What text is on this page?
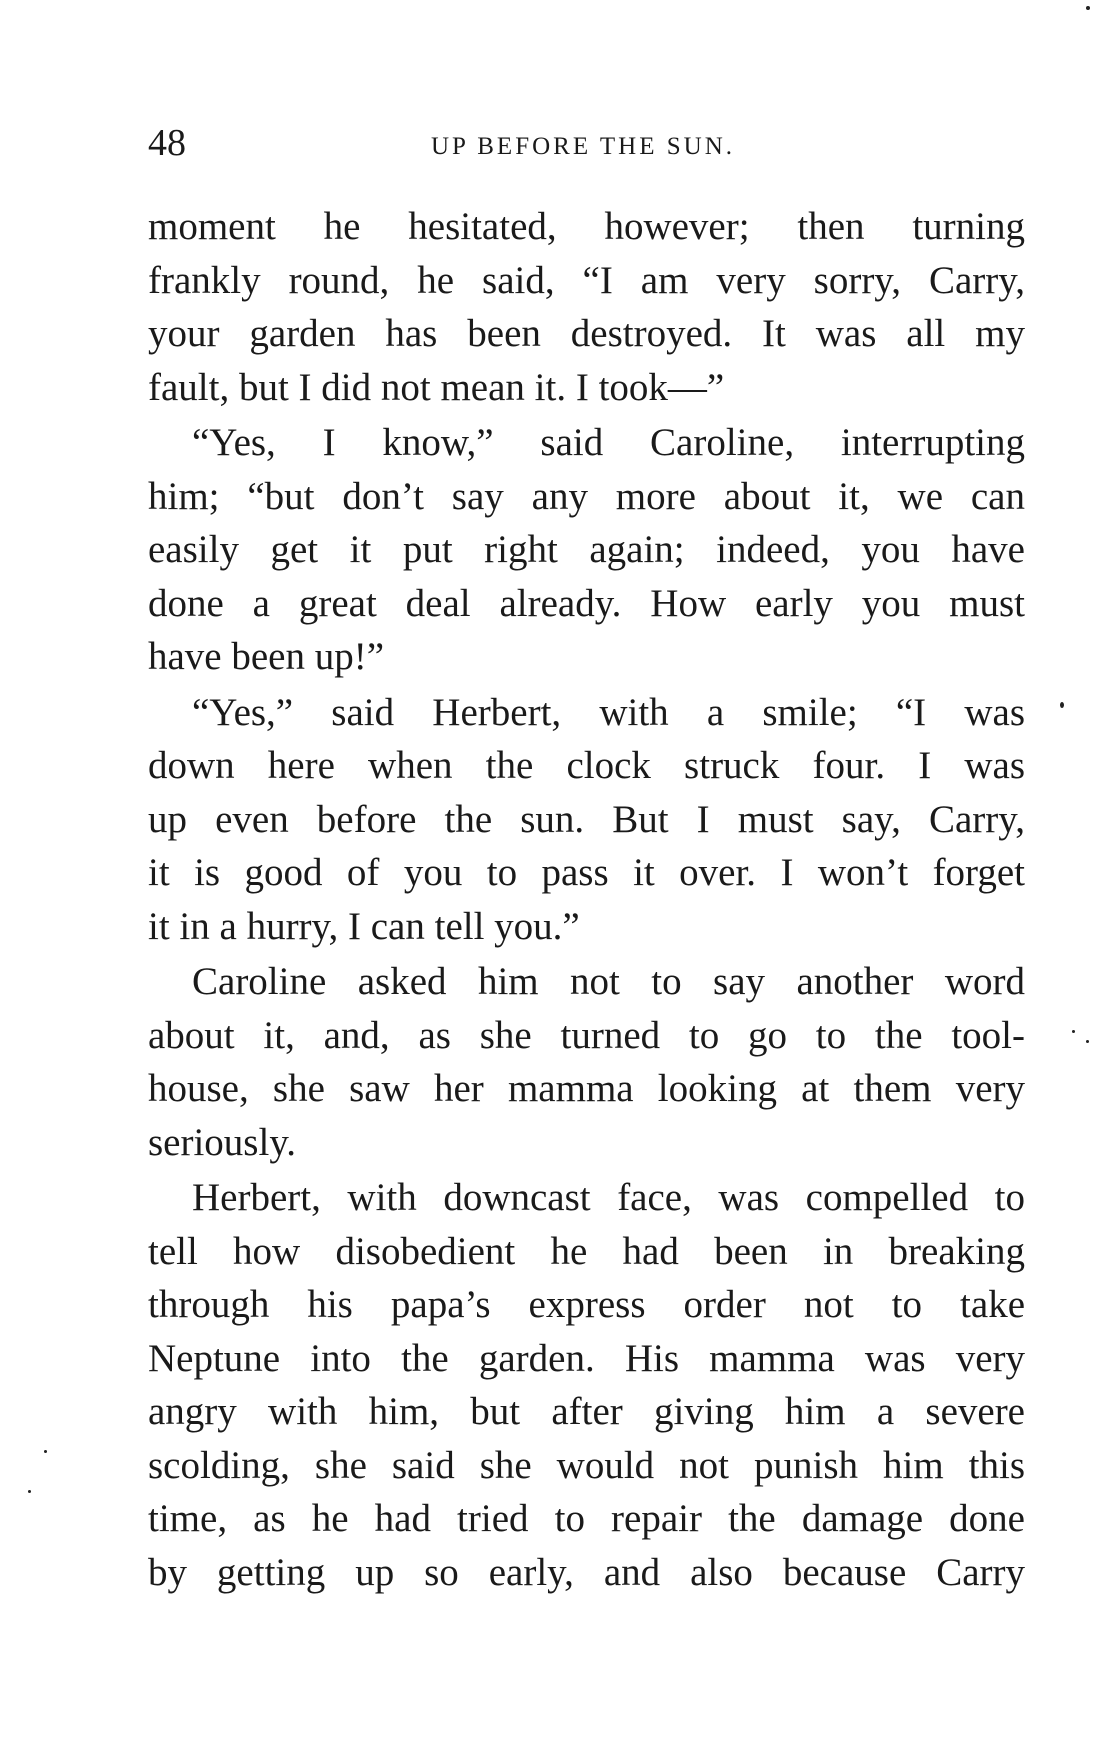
48	UP BEFORE THE SUN.
moment he hesitated, however; then turning
frankly round, he said, “I am very sorry, Carry,
your garden has been destroyed. It was all my
fault, but I did not mean it. I took—”
“Yes, I know,” said Caroline, interrupting
him; “but don’t say any more about it, we can
easily get it put right again; indeed, you have
done a great deal already. How early you must
have been up!”
“Yes,” said Herbert, with a smile; “I was
down here when the clock struck four. I was
up even before the sun. But I must say, Carry,
it is good of you to pass it over. I won’t forget
it in a hurry, I can tell you.”
Caroline asked him not to say another word
about it, and, as she turned to go to the tool-
house, she saw her mamma looking at them very
seriously.
Herbert, with downcast face, was compelled to
tell how disobedient he had been in breaking
through his papa’s express order not to take
Neptune into the garden. His mamma was very
angry with him, but after giving him a severe
scolding, she said she would not punish him this
time, as he had tried to repair the damage done
by getting up so early, and also because Carry
